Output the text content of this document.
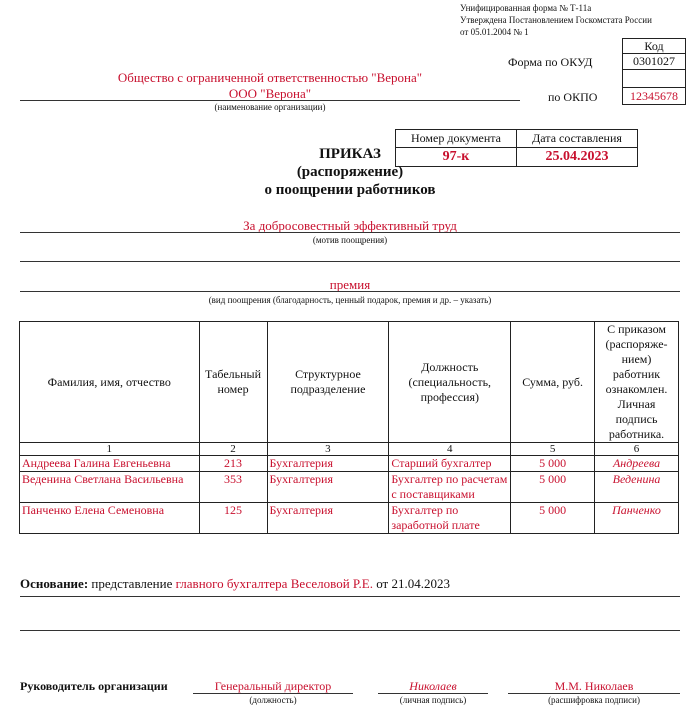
Унифицированная форма № Т-11а
Утверждена Постановлением Госкомстата России
от 05.01.2004 № 1
Код
Форма по ОКУД	0301027
по ОКПО	12345678
Общество с ограниченной ответственностью "Верона"
ООО "Верона"
(наименование организации)
Номер документа	Дата составления
97-к	25.04.2023
ПРИКАЗ
(распоряжение)
о поощрении работников
За добросовестный эффективный труд
(мотив поощрения)
премия
(вид поощрения (благодарность, ценный подарок, премия и др. – указать)
Фамилия, имя, отчество	Табельный номер	Структурное подразделение	Должность (специальность, профессия)	Сумма, руб.	С приказом (распоряже-нием) работник ознакомлен. Личная подпись работника.
1	2	3	4	5	6
Андреева Галина Евгеньевна	213	Бухгалтерия	Старший бухгалтер	5 000	Андреева
Веденина Светлана Васильевна	353	Бухгалтерия	Бухгалтер по расчетам с поставщиками	5 000	Веденина
Панченко Елена Семеновна	125	Бухгалтерия	Бухгалтер по заработной плате	5 000	Панченко
Основание: представление главного бухгалтера Веселовой Р.Е. от 21.04.2023
Руководитель организации	Генеральный директор
(должность)
Николаев
(личная подпись)
М.М. Николаев
(расшифровка подписи)
